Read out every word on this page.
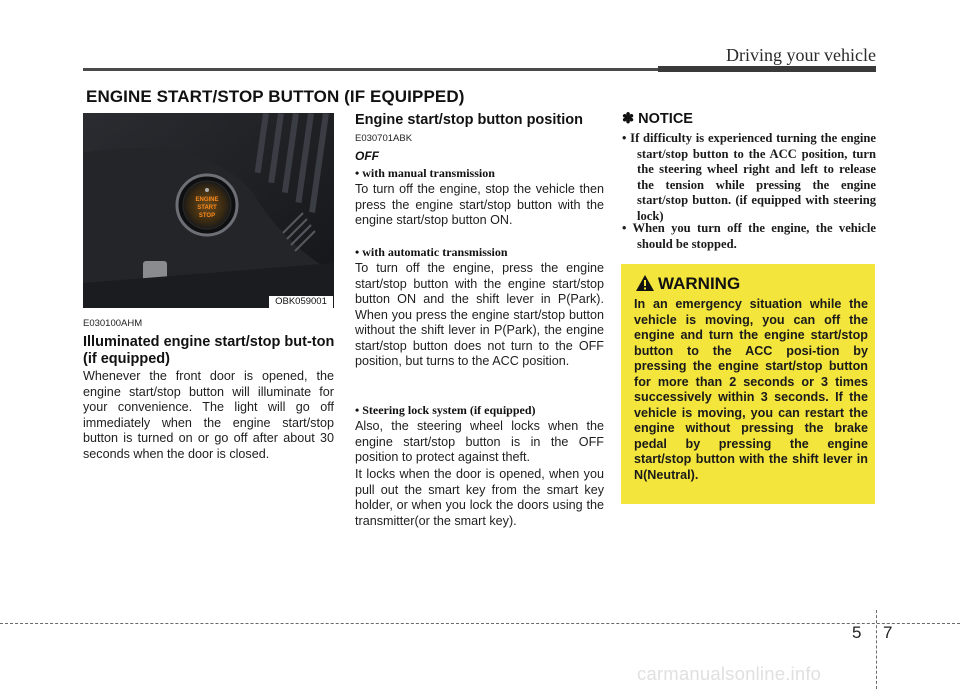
Driving your vehicle
ENGINE START/STOP BUTTON (IF EQUIPPED)
ENGINE
START
STOP
OBK059001
E030100AHM
Illuminated engine start/stop but-ton (if equipped)
Whenever the front door is opened, the engine start/stop button will illuminate for your convenience. The light will go off immediately when the engine start/stop button is turned on or go off after about 30 seconds when the door is closed.
Engine start/stop button position
E030701ABK
OFF
• with manual transmission
To turn off the engine, stop the vehicle then press the engine start/stop button with the engine start/stop button ON.
• with automatic transmission
To turn off the engine, press the engine start/stop button with the engine start/stop button ON and the shift lever in P(Park). When you press the engine start/stop button without the shift lever in P(Park), the engine start/stop button does not turn to the OFF position, but turns to the ACC position.
• Steering lock system (if equipped)
Also, the steering wheel locks when the engine start/stop button is in the OFF position to protect against theft.
It locks when the door is opened, when you pull out the smart key from the smart key holder, or when you lock the doors using the transmitter(or the smart key).
✽ NOTICE
• If difficulty is experienced turning the engine start/stop button to the ACC position, turn the steering wheel right and left to release the tension while pressing the engine start/stop button. (if equipped with steering lock)
• When you turn off the engine, the vehicle should be stopped.
WARNING
In an emergency situation while the vehicle is moving, you can off the engine and turn the engine start/stop button to the ACC posi-tion by pressing the engine start/stop button for more than 2 seconds or 3 times successively within 3 seconds. If the vehicle is moving, you can restart the engine without pressing the brake pedal by pressing the engine start/stop button with the shift lever in N(Neutral).
5 7
carmanualsonline.info
